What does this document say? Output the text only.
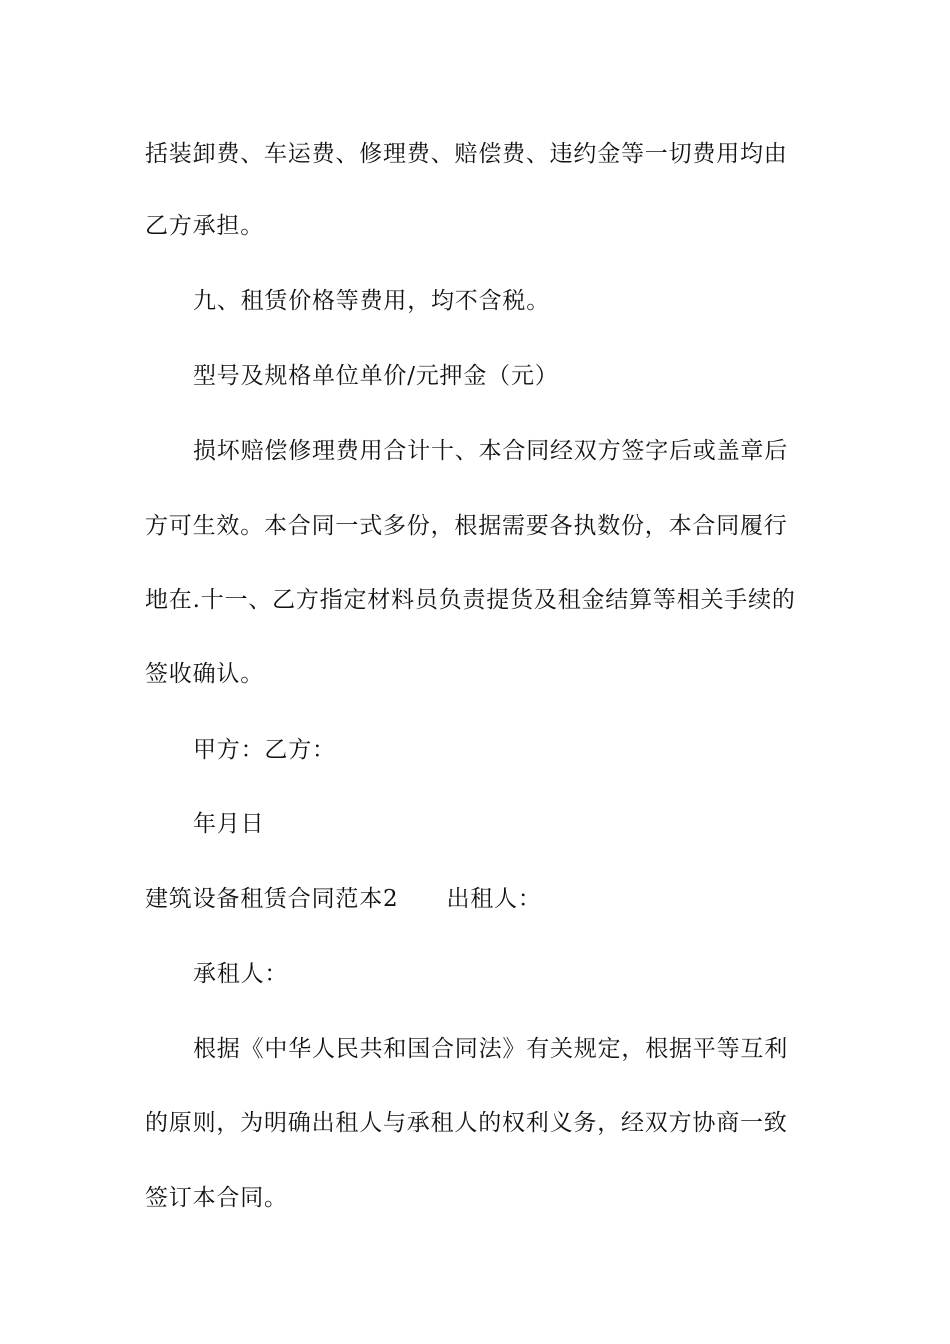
括装卸费、车运费、修理费、赔偿费、违约金等一切费用均由
乙方承担。
九、租赁价格等费用，均不含税。
型号及规格单位单价/元押金（元）
损坏赔偿修理费用合计十、本合同经双方签字后或盖章后
方可生效。本合同一式多份，根据需要各执数份，本合同履行
地在.十一、乙方指定材料员负责提货及租金结算等相关手续的
签收确认。
甲方：乙方：
年月日
建筑设备租赁合同范本2 出租人：
承租人：
根据《中华人民共和国合同法》有关规定，根据平等互利
的原则，为明确出租人与承租人的权利义务，经双方协商一致
签订本合同。
